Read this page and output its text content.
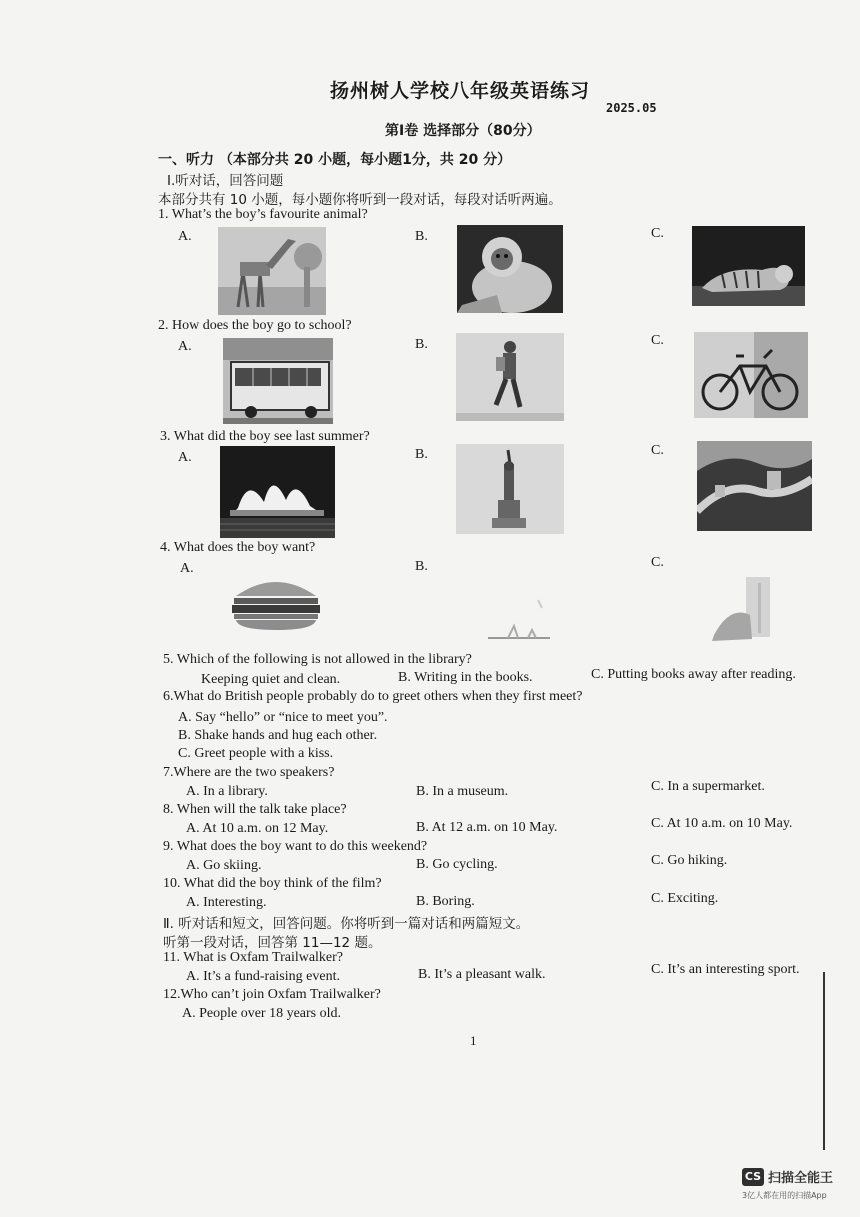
扬州树人学校八年级英语练习
2025.05
第Ⅰ卷 选择部分（80分）
一、听力 （本部分共 20 小题，每小题1分，共 20 分）
Ⅰ.听对话，回答问题
本部分共有 10 小题，每小题你将听到一段对话，每段对话听两遍。
1. What’s the boy’s favourite animal?
A.	B.	C.
2. How does the boy go to school?
A.	B.	C.
3. What did the boy see last summer?
A.	B.	C.
4. What does the boy want?
A.	B.	C.
5. Which of the following is not allowed in the library?
Keeping quiet and clean.	B. Writing in the books.	C. Putting books away after reading.
6.What do British people probably do to greet others when they first meet?
A. Say “hello” or “nice to meet you”.
B. Shake hands and hug each other.
C. Greet people with a kiss.
7.Where are the two speakers?
A. In a library.	B. In a museum.	C. In a supermarket.
8. When will the talk take place?
A. At 10 a.m. on 12 May.	B. At 12 a.m. on 10 May.	C. At 10 a.m. on 10 May.
9. What does the boy want to do this weekend?
A. Go skiing.	B. Go cycling.	C. Go hiking.
10. What did the boy think of the film?
A. Interesting.	B. Boring.	C. Exciting.
Ⅱ. 听对话和短文，回答问题。你将听到一篇对话和两篇短文。
听第一段对话，回答第 11—12 题。
11. What is Oxfam Trailwalker?
A. It’s a fund-raising event.	B. It’s a pleasant walk.	C. It’s an interesting sport.
12.Who can’t join Oxfam Trailwalker?
A. People over 18 years old.
1
CS 扫描全能王
3亿人都在用的扫描App
